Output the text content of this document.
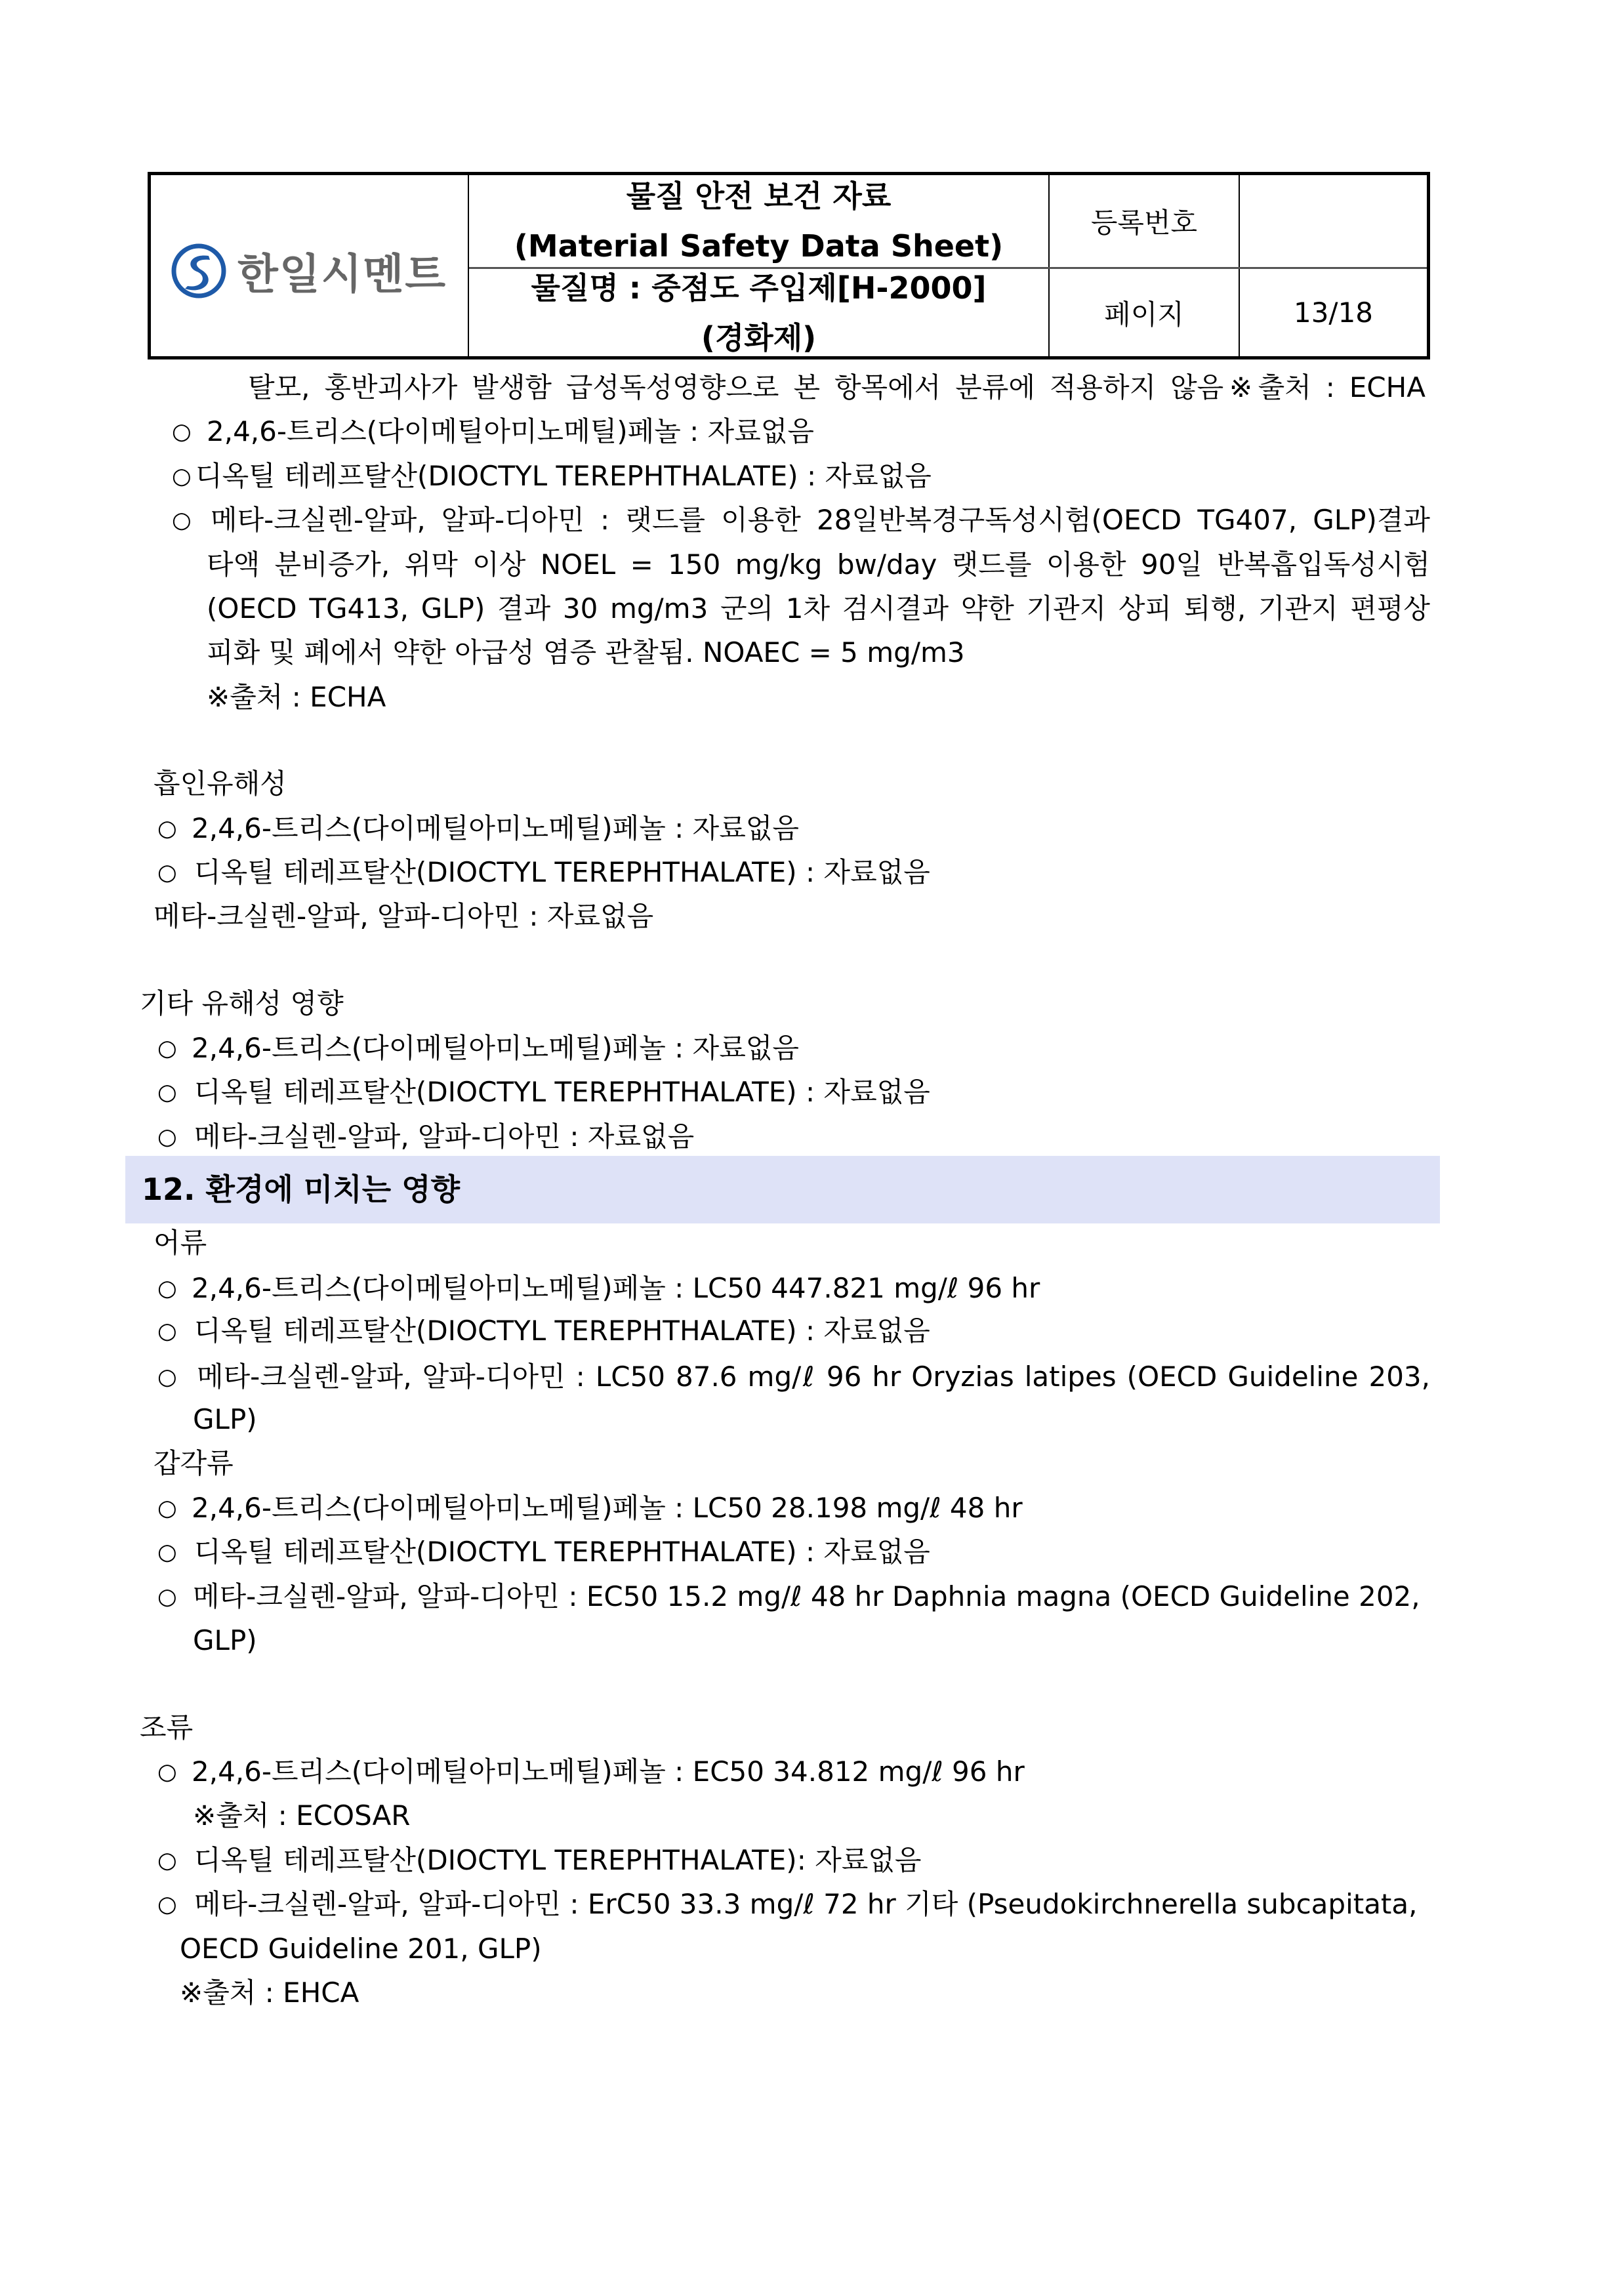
한일시멘트
물질 안전 보건 자료
(Material Safety Data Sheet)
물질명 : 중점도 주입제[H-2000]
(경화제)
등록번호
페이지	13/18
탈모, 홍반괴사가 발생함 급성독성영향으로 본 항목에서 분류에 적용하지 않음※출처 : ECHA
○ 2,4,6-트리스(다이메틸아미노메틸)페놀 : 자료없음
○ 디옥틸 테레프탈산(DIOCTYL TEREPHTHALATE) : 자료없음
○ 메타-크실렌-알파, 알파-디아민 : 랫드를 이용한 28일반복경구독성시험(OECD TG407, GLP)결과
타액 분비증가, 위막 이상 NOEL = 150 mg/kg bw/day 랫드를 이용한 90일 반복흡입독성시험
(OECD TG413, GLP) 결과 30 mg/m3 군의 1차 검시결과 약한 기관지 상피 퇴행, 기관지 편평상
피화 및 폐에서 약한 아급성 염증 관찰됨. NOAEC = 5 mg/m3
※출처 : ECHA
흡인유해성
○ 2,4,6-트리스(다이메틸아미노메틸)페놀 : 자료없음
○ 디옥틸 테레프탈산(DIOCTYL TEREPHTHALATE) : 자료없음
메타-크실렌-알파, 알파-디아민 : 자료없음
기타 유해성 영향
○ 2,4,6-트리스(다이메틸아미노메틸)페놀 : 자료없음
○ 디옥틸 테레프탈산(DIOCTYL TEREPHTHALATE) : 자료없음
○ 메타-크실렌-알파, 알파-디아민 : 자료없음
12. 환경에 미치는 영향
어류
○ 2,4,6-트리스(다이메틸아미노메틸)페놀 : LC50 447.821 mg/ℓ 96 hr
○ 디옥틸 테레프탈산(DIOCTYL TEREPHTHALATE) : 자료없음
○ 메타-크실렌-알파, 알파-디아민 : LC50 87.6 mg/ℓ 96 hr Oryzias latipes (OECD Guideline 203,
GLP)
갑각류
○ 2,4,6-트리스(다이메틸아미노메틸)페놀 : LC50 28.198 mg/ℓ 48 hr
○ 디옥틸 테레프탈산(DIOCTYL TEREPHTHALATE) : 자료없음
○ 메타-크실렌-알파, 알파-디아민 : EC50 15.2 mg/ℓ 48 hr Daphnia magna (OECD Guideline 202,
GLP)
조류
○ 2,4,6-트리스(다이메틸아미노메틸)페놀 : EC50 34.812 mg/ℓ 96 hr
※출처 : ECOSAR
○ 디옥틸 테레프탈산(DIOCTYL TEREPHTHALATE): 자료없음
○ 메타-크실렌-알파, 알파-디아민 : ErC50 33.3 mg/ℓ 72 hr 기타 (Pseudokirchnerella subcapitata,
OECD Guideline 201, GLP)
※출처 : EHCA
